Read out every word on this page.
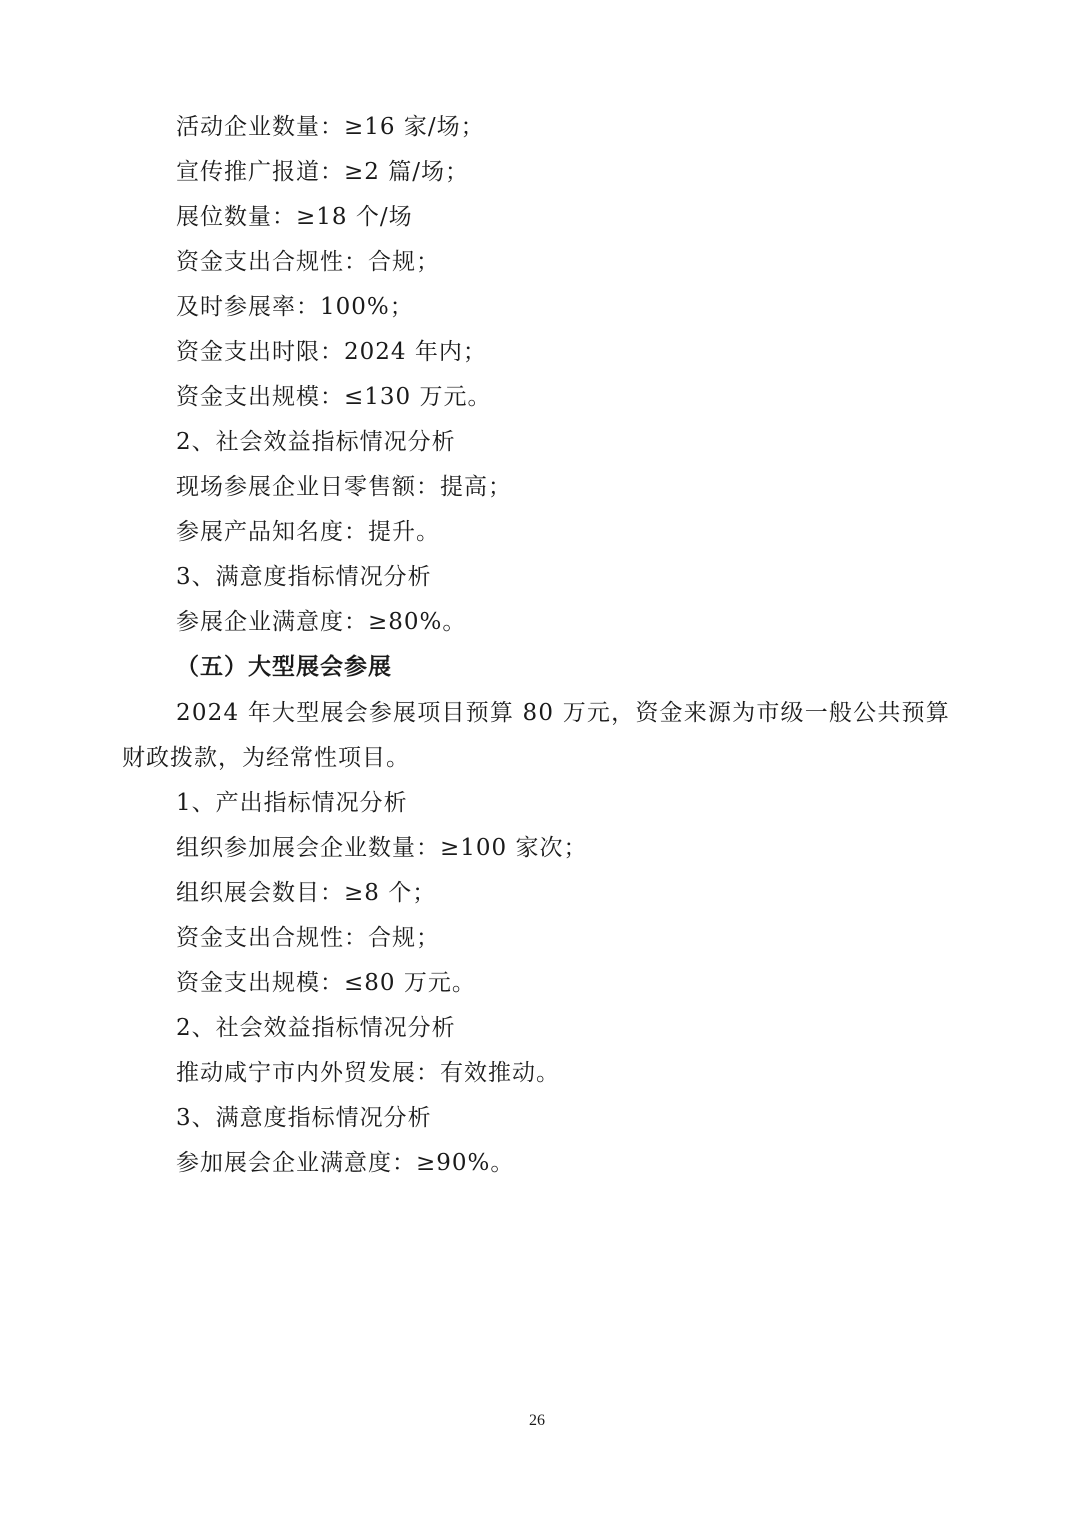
活动企业数量：≥16 家/场；
宣传推广报道：≥2 篇/场；
展位数量：≥18 个/场
资金支出合规性：合规；
及时参展率：100%；
资金支出时限：2024 年内；
资金支出规模：≤130 万元。
2、社会效益指标情况分析
现场参展企业日零售额：提高；
参展产品知名度：提升。
3、满意度指标情况分析
参展企业满意度：≥80%。
（五）大型展会参展
2024 年大型展会参展项目预算 80 万元，资金来源为市级一般公共预算
财政拨款，为经常性项目。
1、产出指标情况分析
组织参加展会企业数量：≥100 家次；
组织展会数目：≥8 个；
资金支出合规性：合规；
资金支出规模：≤80 万元。
2、社会效益指标情况分析
推动咸宁市内外贸发展：有效推动。
3、满意度指标情况分析
参加展会企业满意度：≥90%。
26
